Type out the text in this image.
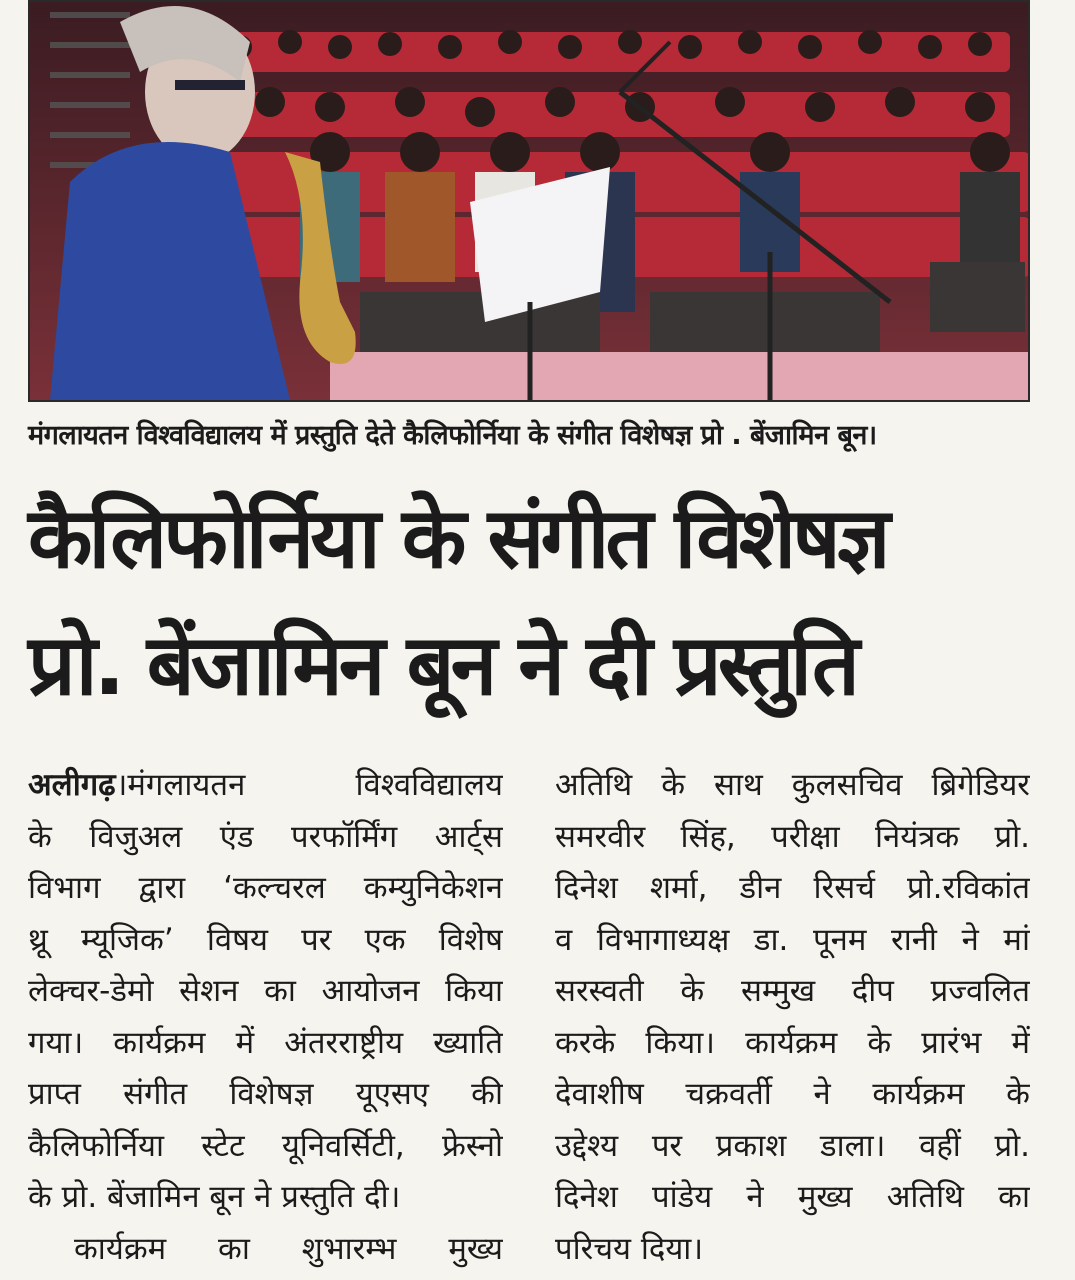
मंगलायतन विश्वविद्यालय में प्रस्तुति देते कैलिफोर्निया के संगीत विशेषज्ञ प्रो . बेंजामिन बून।
कैलिफोर्निया के संगीत विशेषज्ञ
प्रो. बेंजामिन बून ने दी प्रस्तुति
अलीगढ़।मंगलायतन विश्वविद्यालय
के विजुअल एंड परफॉर्मिंग आर्ट्स
विभाग द्वारा ‘कल्चरल कम्युनिकेशन
थ्रू म्यूजिक’ विषय पर एक विशेष
लेक्चर-डेमो सेशन का आयोजन किया
गया। कार्यक्रम में अंतरराष्ट्रीय ख्याति
प्राप्त संगीत विशेषज्ञ यूएसए की
कैलिफोर्निया स्टेट यूनिवर्सिटी, फ्रेस्नो
के प्रो. बेंजामिन बून ने प्रस्तुति दी।
कार्यक्रम का शुभारम्भ मुख्य
अतिथि के साथ कुलसचिव ब्रिगेडियर
समरवीर सिंह, परीक्षा नियंत्रक प्रो.
दिनेश शर्मा, डीन रिसर्च प्रो.रविकांत
व विभागाध्यक्ष डा. पूनम रानी ने मां
सरस्वती के सम्मुख दीप प्रज्वलित
करके किया। कार्यक्रम के प्रारंभ में
देवाशीष चक्रवर्ती ने कार्यक्रम के
उद्देश्य पर प्रकाश डाला। वहीं प्रो.
दिनेश पांडेय ने मुख्य अतिथि का
परिचय दिया।
